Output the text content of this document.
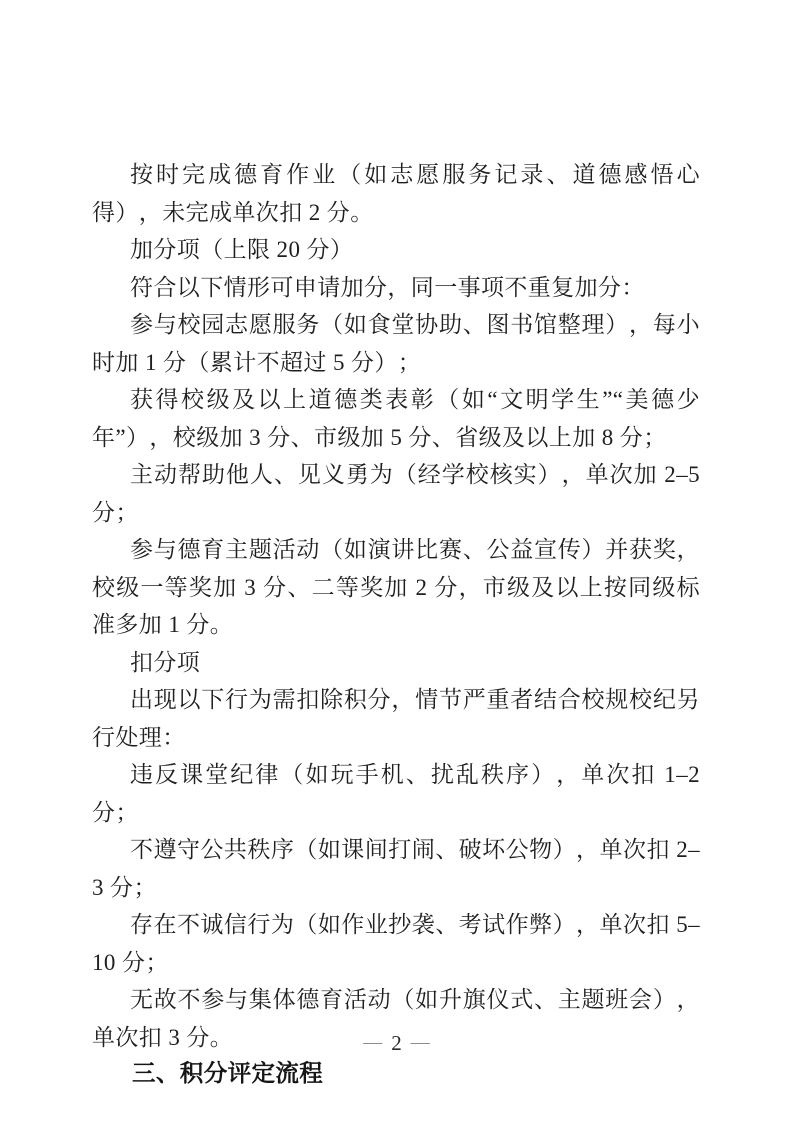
按时完成德育作业（如志愿服务记录、道德感悟心得），未完成单次扣 2 分。

加分项（上限 20 分）

符合以下情形可申请加分，同一事项不重复加分：

参与校园志愿服务（如食堂协助、图书馆整理），每小时加 1 分（累计不超过 5 分）；

获得校级及以上道德类表彰（如“文明学生”“美德少年”），校级加 3 分、市级加 5 分、省级及以上加 8 分；

主动帮助他人、见义勇为（经学校核实），单次加 2–5 分；

参与德育主题活动（如演讲比赛、公益宣传）并获奖，校级一等奖加 3 分、二等奖加 2 分，市级及以上按同级标准多加 1 分。

扣分项

出现以下行为需扣除积分，情节严重者结合校规校纪另行处理：

违反课堂纪律（如玩手机、扰乱秩序），单次扣 1–2 分；

不遵守公共秩序（如课间打闹、破坏公物），单次扣 2–3 分；

存在不诚信行为（如作业抄袭、考试作弊），单次扣 5–10 分；

无故不参与集体德育活动（如升旗仪式、主题班会），单次扣 3 分。

三、积分评定流程

— 2 —
